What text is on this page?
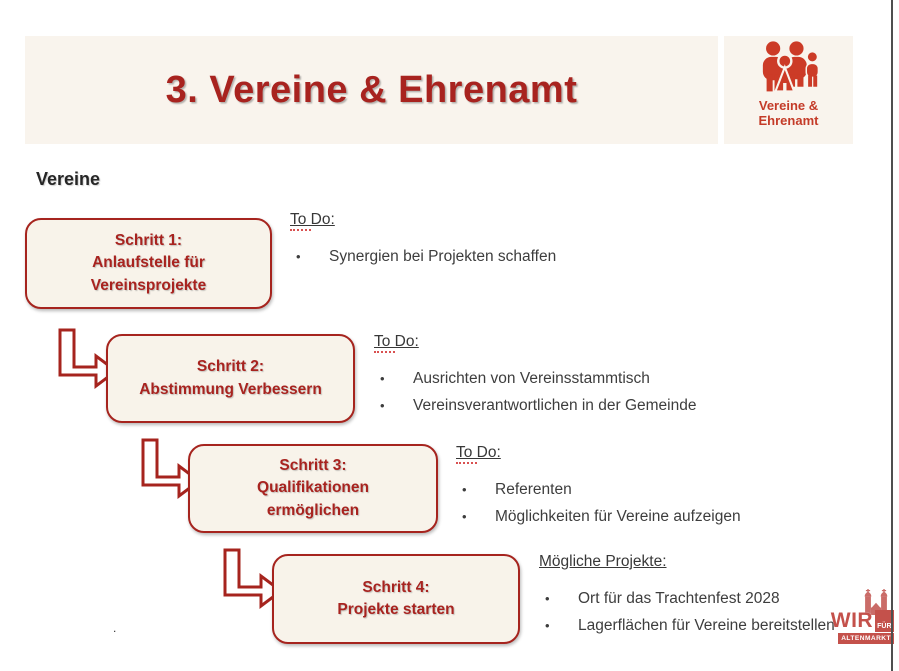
3. Vereine & Ehrenamt	Vereine &
Ehrenamt
Vereine
Schritt 1:
Anlaufstelle für
Vereinsprojekte
To Do:
•	Synergien bei Projekten schaffen
Schritt 2:
Abstimmung Verbessern
To Do:
•	Ausrichten von Vereinsstammtisch
•	Vereinsverantwortlichen in der Gemeinde
Schritt 3:
Qualifikationen
ermöglichen
To Do:
•	Referenten
•	Möglichkeiten für Vereine aufzeigen
Schritt 4:
Projekte starten
Mögliche Projekte:
•	Ort für das Trachtenfest 2028
•	Lagerflächen für Vereine bereitstellen
.	WIR FÜR
ALTENMARKT
